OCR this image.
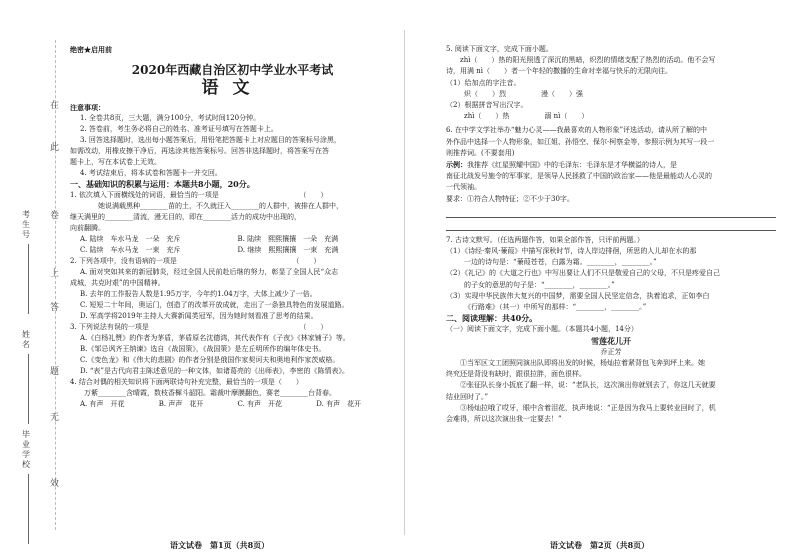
在
此
卷
上
答
题
无
效
考生号
姓名
毕业学校

绝密★启用前

2020年西藏自治区初中学业水平考试

语文

注意事项：

1. 全卷共8页，三大题，满分100分，考试时间120分钟。

2. 答卷前，考生务必将自己的姓名、准考证号填写在答题卡上。

3. 回答选择题时，选出每小题答案后，用铅笔把答题卡上对应题目的答案标号涂黑，

如需改动，用橡皮擦干净后，再选涂其他答案标号。回答非选择题时，将答案写在答

题卡上，写在本试卷上无效。

4. 考试结束后，将本试卷和答题卡一并交回。

一、基础知识的积累与运用：本题共8小题，20分。

1. 依次填入下面横线处的词语，最恰当的一项是　　　　　　　　　　　　（　　）

　　　　她说满载黑种________苗的土，不久就汪入________的人群中，被排在人群中，

继天满里的________清流，漫无目的，即在________活力的成功中出现的，

向前翻腾。

A. 陆续　车水马龙　一朵　充斥	B. 陆续　熙熙攘攘　一朵　充满
C. 陆续　车水马龙　一束　充斥	D. 继续　熙熙攘攘　一束　充满

2. 下列各项中，没有语病的一项是　　　　　　　　　　　　　　　　　（　　）

A. 面对突如其来的新冠肺炎，经过全国人民前赴后继的努力，彰显了全国人民“众志

成城，共克时艰”的中国精神。

B. 去年的工作报告人数是1.95万字，今年约1.04万字，大体上减少了一倍。

C. 短短二十年间，奥运门，创造了的改革开放成就，走出了一条独具特色的发展道路。

D. 军高学将2019年主持人大赛新闻类冠军，因为她时刻看准了思考的结果。

3. 下列说法有误的一项是　　　　　　　　　　　　　　　　　　　　　　（　　）

A.《白杨礼赞》的作者为茅盾，茅盾原名沈德鸿，其代表作有《子夜》《林家铺子》等。

B.《邹忌讽齐王纳谏》选自《战国策》，《战国策》是左丘明所作的编年体史书。

C.《变色龙》和《伟大的悲剧》的作者分别是俄国作家契诃夫和奥地利作家茨威格。

D. “表”是古代向君主陈述意见的一种文体，如诸葛亮的《出师表》，李密的《陈情表》。

4. 结合对偶的相关知识将下面两联诗句补充完整，最恰当的一项是（　　）

　　万紫________含晴霞，数枝香樨斗韶阳。霜裁叶摩膜翻色，赛老________台背春。

A. 有声　开花	B. 声声　花开	C. 有声　开花	D. 有声　花开
语文试卷　第1页（共8页）

5. 阅读下面文字，完成下面小题。

　　zhì（　　）热的阳光照透了深沉的黑暗，炽烈的情绪支配了热烈的活动。他不会写

诗，用满 nì（　　）者一个年轻的撒播的生命对幸福与快乐的无限向往。

（1）给加点的字注音。

炽（　　）烈　　　　　漫（　　）强

（2）根据拼音写出汉字。

zhì（　　）热　　　　　溺 nì（　　）

6. 在中学文学社举办“魅力心灵——我最喜欢的人物形象”评选活动，请从所了解的中

外作品中选择一个人物形象，如江姐、孙悟空、保尔·柯察金等，参照示例为其写一段一

则推荐词。(不要套用)

示例：我推荐《红星照耀中国》中的毛泽东：毛泽东是才华横溢的诗人，是

南征北战发号施令的军事家，是领导人民拯救了中国的政治家——他是最能动人心灵的

一代领袖。

要求：①符合人物特征；②不少于30字。

7. 古诗文默写。（任选两题作答，如果全部作答，只评前两题。）

（1）《诗经·秦风·蒹葭》中描写深秋时节，诗人岸边排徊，所思的人儿却在水的那

一边的诗句是：“蒹葭苍苍，白露为霜。________，________。”

（2）《礼记》的《大道之行也》中写出要让人们不只是敬爱自己的父母，不只是疼爱自己

的子女的意思的句子是：“________，________。”

（3）实现中华民族伟大复兴的中国梦，需要全国人民坚定信念，执着追求，正如李白

《行路难》（其一）中所写的那样：“________，________。”

二、阅读理解：共40分。

（一）阅读下面文字，完成下面小题。（本题共4小题，14分）

雪莲花儿开

乔正芳

　　①当军区文工团照同演出队即将出发的时候，杨灿拉着紧背包飞奔到坪上来。她

终究还是背没有缺时，跟很拉胖，面色很样。

　　②张征队长身小扳底了翻一样，说：“老队长，这次演出你就别去了，你这几天就要

结业回时了。”

　　③杨灿拉哦了哎牙，眼中含着泪花，执声地说：“正是因为我马上要转业回时了，机

会难得，所以这次演出我一定要去！”

语文试卷　第2页（共8页）
